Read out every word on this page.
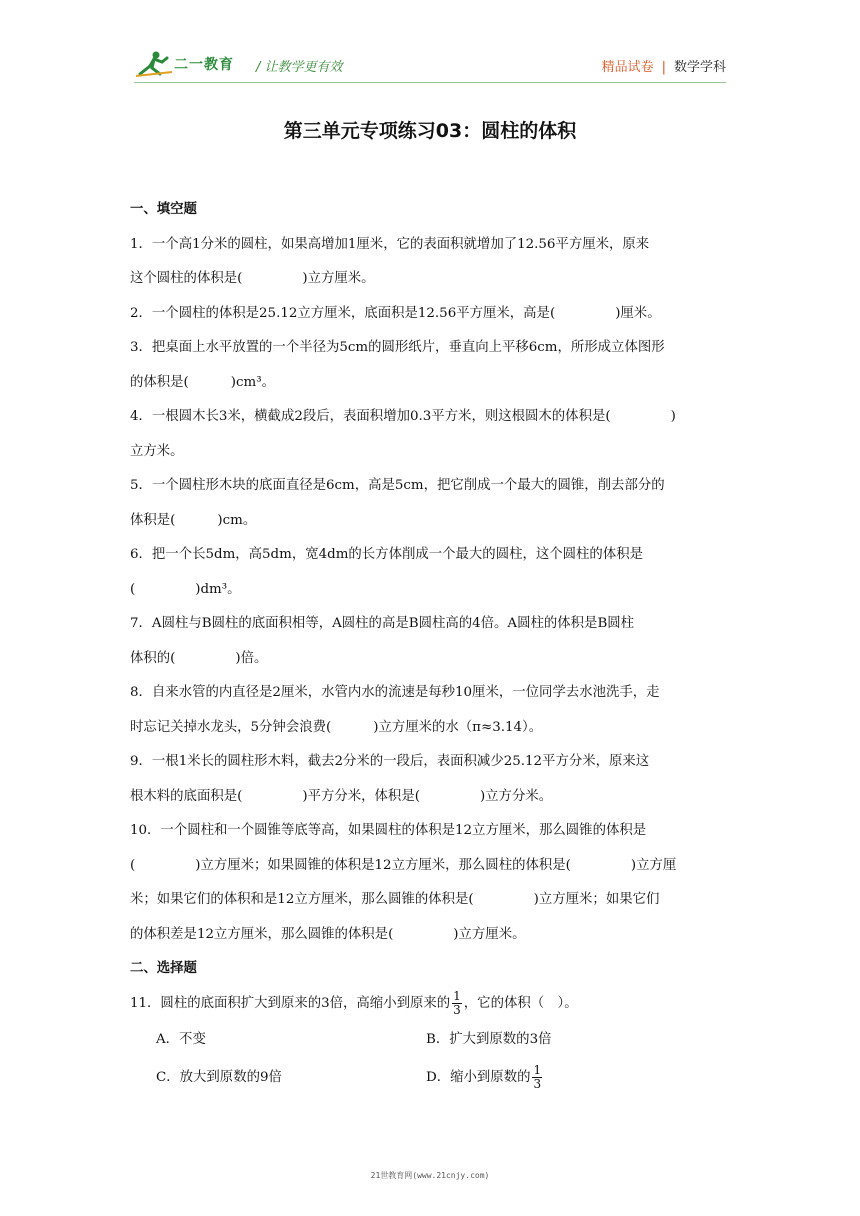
二一教育 / 让教学更有效	精品试卷 | 数学学科
第三单元专项练习03：圆柱的体积
一、填空题

1．一个高1分米的圆柱，如果高增加1厘米，它的表面积就增加了12.56平方厘米，原来
这个圆柱的体积是(	)立方厘米。

2．一个圆柱的体积是25.12立方厘米，底面积是12.56平方厘米，高是(	)厘米。

3．把桌面上水平放置的一个半径为5cm的圆形纸片，垂直向上平移6cm，所形成立体图形
的体积是(	)cm³。

4．一根圆木长3米，横截成2段后，表面积增加0.3平方米，则这根圆木的体积是(	)
立方米。

5．一个圆柱形木块的底面直径是6cm，高是5cm，把它削成一个最大的圆锥，削去部分的
体积是(	)cm。

6．把一个长5dm，高5dm，宽4dm的长方体削成一个最大的圆柱，这个圆柱的体积是
(	)dm³。

7．A圆柱与B圆柱的底面积相等，A圆柱的高是B圆柱高的4倍。A圆柱的体积是B圆柱
体积的(	)倍。

8．自来水管的内直径是2厘米，水管内水的流速是每秒10厘米，一位同学去水池洗手，走
时忘记关掉水龙头，5分钟会浪费(	)立方厘米的水（π≈3.14）。

9．一根1米长的圆柱形木料，截去2分米的一段后，表面积减少25.12平方分米，原来这
根木料的底面积是(	)平方分米，体积是(	)立方分米。

10．一个圆柱和一个圆锥等底等高，如果圆柱的体积是12立方厘米，那么圆锥的体积是
(	)立方厘米；如果圆锥的体积是12立方厘米，那么圆柱的体积是(	)立方厘
米；如果它们的体积和是12立方厘米，那么圆锥的体积是(	)立方厘米；如果它们
的体积差是12立方厘米，那么圆锥的体积是(	)立方厘米。

二、选择题

11．圆柱的底面积扩大到原来的3倍，高缩小到原来的 $\frac{1}{3}$ ，它的体积（　）。

A．不变	B．扩大到原数的3倍
C．放大到原数的9倍	D．缩小到原数的 $\frac{1}{3}$
21世教育网(www.21cnjy.com)
